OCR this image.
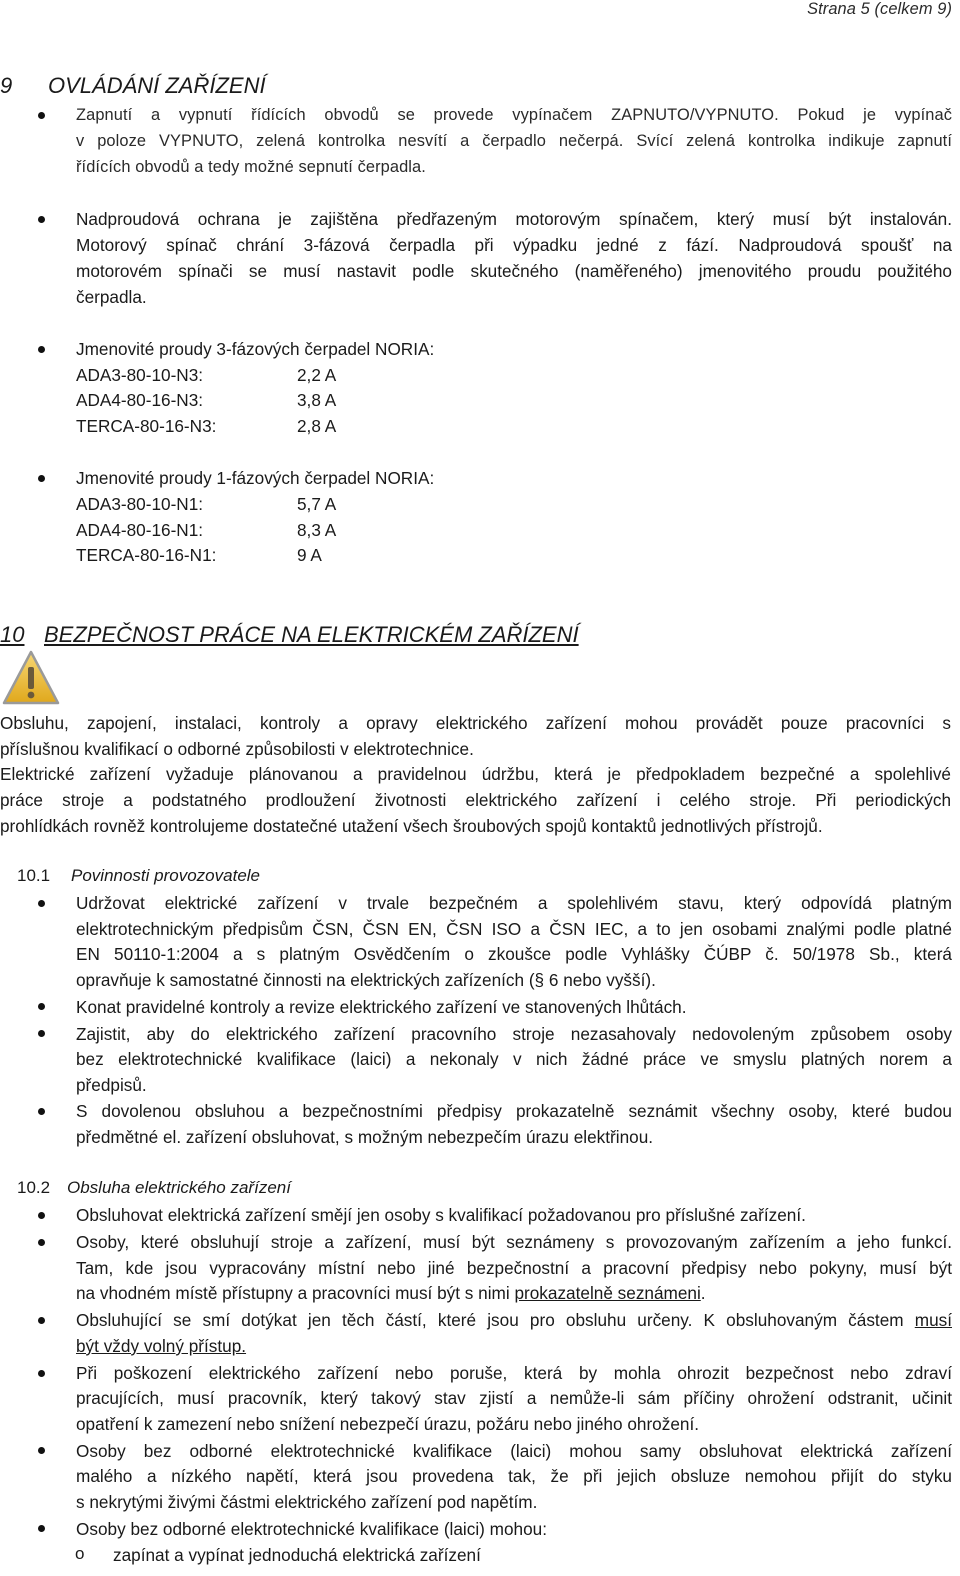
Strana 5 (celkem 9)
9 OVLÁDÁNÍ ZAŘÍZENÍ
Zapnutí a vypnutí řídících obvodů se provede vypínačem ZAPNUTO/VYPNUTO. Pokud je vypínač
v poloze VYPNUTO, zelená kontrolka nesvítí a čerpadlo nečerpá. Svící zelená kontrolka indikuje zapnutí
řídících obvodů a tedy možné sepnutí čerpadla.
Nadproudová ochrana je zajištěna předřazeným motorovým spínačem, který musí být instalován.
Motorový spínač chrání 3-fázová čerpadla při výpadku jedné z fází. Nadproudová spoušť na
motorovém spínači se musí nastavit podle skutečného (naměřeného) jmenovitého proudu použitého
čerpadla.
Jmenovité proudy 3-fázových čerpadel NORIA:
ADA3-80-10-N3:	2,2 A
ADA4-80-16-N3:	3,8 A
TERCA-80-16-N3:	2,8 A
Jmenovité proudy 1-fázových čerpadel NORIA:
ADA3-80-10-N1:	5,7 A
ADA4-80-16-N1:	8,3 A
TERCA-80-16-N1:	9 A
10 BEZPEČNOST PRÁCE NA ELEKTRICKÉM ZAŘÍZENÍ
Obsluhu, zapojení, instalaci, kontroly a opravy elektrického zařízení mohou provádět pouze pracovníci s
příslušnou kvalifikací o odborné způsobilosti v elektrotechnice.
Elektrické zařízení vyžaduje plánovanou a pravidelnou údržbu, která je předpokladem bezpečné a spolehlivé
práce stroje a podstatného prodloužení životnosti elektrického zařízení i celého stroje. Při periodických
prohlídkách rovněž kontrolujeme dostatečné utažení všech šroubových spojů kontaktů jednotlivých přístrojů.
10.1 Povinnosti provozovatele
Udržovat elektrické zařízení v trvale bezpečném a spolehlivém stavu, který odpovídá platným
elektrotechnickým předpisům ČSN, ČSN EN, ČSN ISO a ČSN IEC, a to jen osobami znalými podle platné
EN 50110-1:2004 a s platným Osvědčením o zkoušce podle Vyhlášky ČÚBP č. 50/1978 Sb., která
opravňuje k samostatné činnosti na elektrických zařízeních (§ 6 nebo vyšší).
Konat pravidelné kontroly a revize elektrického zařízení ve stanovených lhůtách.
Zajistit, aby do elektrického zařízení pracovního stroje nezasahovaly nedovoleným způsobem osoby
bez elektrotechnické kvalifikace (laici) a nekonaly v nich žádné práce ve smyslu platných norem a
předpisů.
S dovolenou obsluhou a bezpečnostními předpisy prokazatelně seznámit všechny osoby, které budou
předmětné el. zařízení obsluhovat, s možným nebezpečím úrazu elektřinou.
10.2 Obsluha elektrického zařízení
Obsluhovat elektrická zařízení smějí jen osoby s kvalifikací požadovanou pro příslušné zařízení.
Osoby, které obsluhují stroje a zařízení, musí být seznámeny s provozovaným zařízením a jeho funkcí.
Tam, kde jsou vypracovány místní nebo jiné bezpečnostní a pracovní předpisy nebo pokyny, musí být
na vhodném místě přístupny a pracovníci musí být s nimi prokazatelně seznámeni.
Obsluhující se smí dotýkat jen těch částí, které jsou pro obsluhu určeny. K obsluhovaným částem musí
být vždy volný přístup.
Při poškození elektrického zařízení nebo poruše, která by mohla ohrozit bezpečnost nebo zdraví
pracujících, musí pracovník, který takový stav zjistí a nemůže-li sám příčiny ohrožení odstranit, učinit
opatření k zamezení nebo snížení nebezpečí úrazu, požáru nebo jiného ohrožení.
Osoby bez odborné elektrotechnické kvalifikace (laici) mohou samy obsluhovat elektrická zařízení
malého a nízkého napětí, která jsou provedena tak, že při jejich obsluze nemohou přijít do styku
s nekrytými živými částmi elektrického zařízení pod napětím.
Osoby bez odborné elektrotechnické kvalifikace (laici) mohou:
o zapínat a vypínat jednoduchá elektrická zařízení
